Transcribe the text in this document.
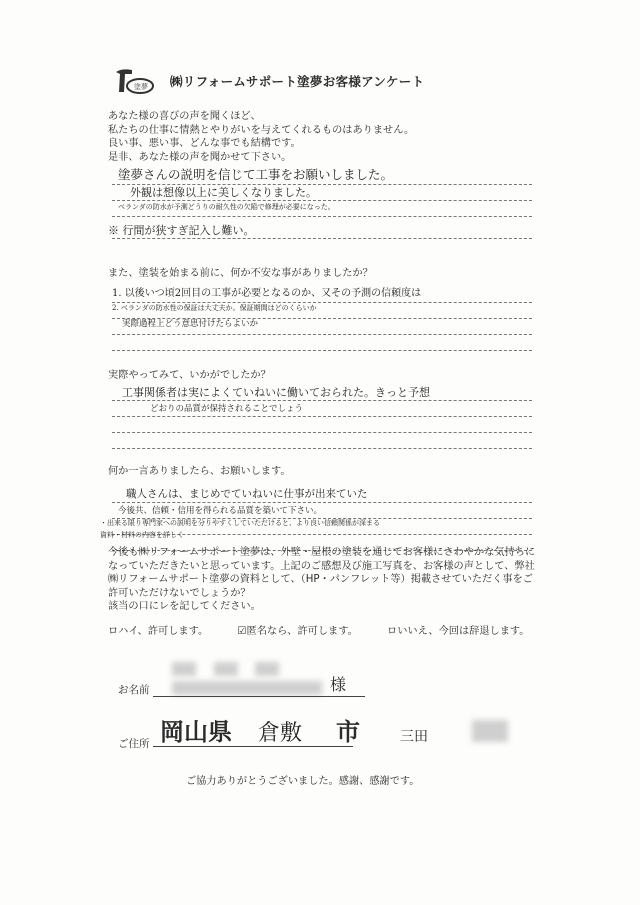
塗夢 ㈱リフォームサポート塗夢お客様アンケート
あなた様の喜びの声を聞くほど、
私たちの仕事に情熱とやりがいを与えてくれるものはありません。
良い事、悪い事、どんな事でも結構です。
是非、あなた様の声を聞かせて下さい。
塗夢さんの説明を信じて工事をお願いしました。
外観は想像以上に美しくなりました。
ベランダの防水が予測どうりの耐久性の欠陥で修理が必要になった。
※ 行間が狭すぎ記入し難い。
また、塗装を始まる前に、何か不安な事がありましたか？
1. 以後いつ頃2回目の工事が必要となるのか、又その予測の信頼度は
2. ベランダの防水性の保証は大丈夫か。保証期間はどのくらいか
実際過程上どう意思付けたらよいか
実際やってみて、いかがでしたか？
工事関係者は実によくていねいに働いておられた。きっと予想
どおりの品質が保持されることでしょう
何か一言ありましたら、お願いします。
職人さんは、まじめでていねいに仕事が出来ていた
今後共、信頼・信用を得られる品質を築いて下さい。
・出来る限り専門家への説明を分りやすくしていただけると、より良い信頼関係が深まる
資料・材料の内容を詳しく
今後も㈱リフォームサポート塗夢は、外壁・屋根の塗装を通じてお客様にさわやかな気持ちになっていただきたいと思っています。上記のご感想及び施工写真を、お客様の声として、弊社㈱リフォームサポート塗夢の資料として、（HP・パンフレット等）掲載させていただく事をご許可いただけないでしょうか？
該当の口にレを記してください。
ロハイ、許可します。	☑匿名なら、許可します。	ロいいえ、今回は辞退します。
お名前	様
ご住所 岡山県 倉敷 市	三田
ご協力ありがとうございました。感謝、感謝です。
